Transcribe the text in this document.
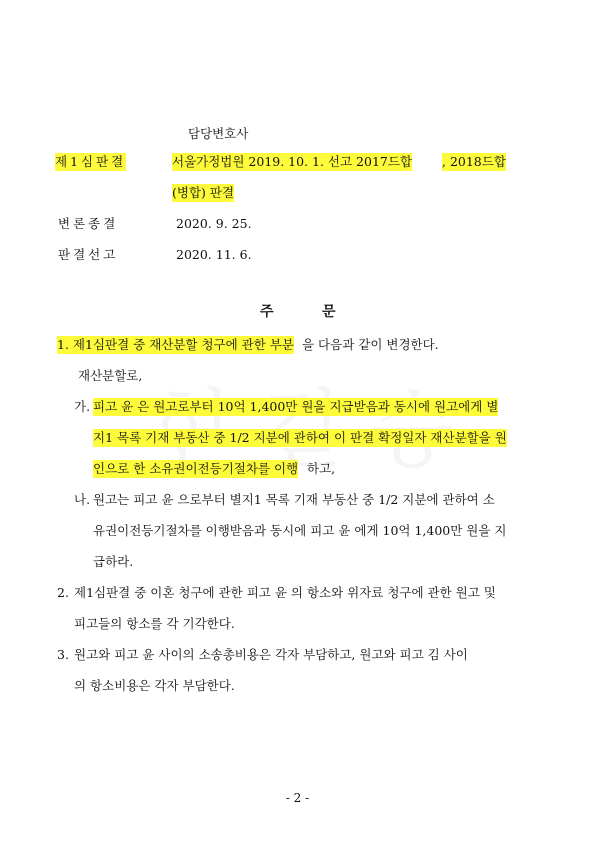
담당변호사
제1심판결	서울가정법원 2019. 10. 1. 선고 2017드합 , 2018드합
(병합) 판결
변론종결	2020. 9. 25.
판결선고	2020. 11. 6.
주	문
1. 제1심판결 중 재산분할 청구에 관한 부분 을 다음과 같이 변경한다.
재산분할로,
가. 피고 윤 은 원고로부터 10억 1,400만 원을 지급받음과 동시에 원고에게 별
지1 목록 기재 부동산 중 1/2 지분에 관하여 이 판결 확정일자 재산분할을 원
인으로 한 소유권이전등기절차를 이행 하고,
나. 원고는 피고 윤 으로부터 별지1 목록 기재 부동산 중 1/2 지분에 관하여 소
유권이전등기절차를 이행받음과 동시에 피고 윤 에게 10억 1,400만 원을 지
급하라.
2. 제1심판결 중 이혼 청구에 관한 피고 윤 의 항소와 위자료 청구에 관한 원고 및
피고들의 항소를 각 기각한다.
3. 원고와 피고 윤 사이의 소송총비용은 각자 부담하고, 원고와 피고 김 사이
의 항소비용은 각자 부담한다.
- 2 -
